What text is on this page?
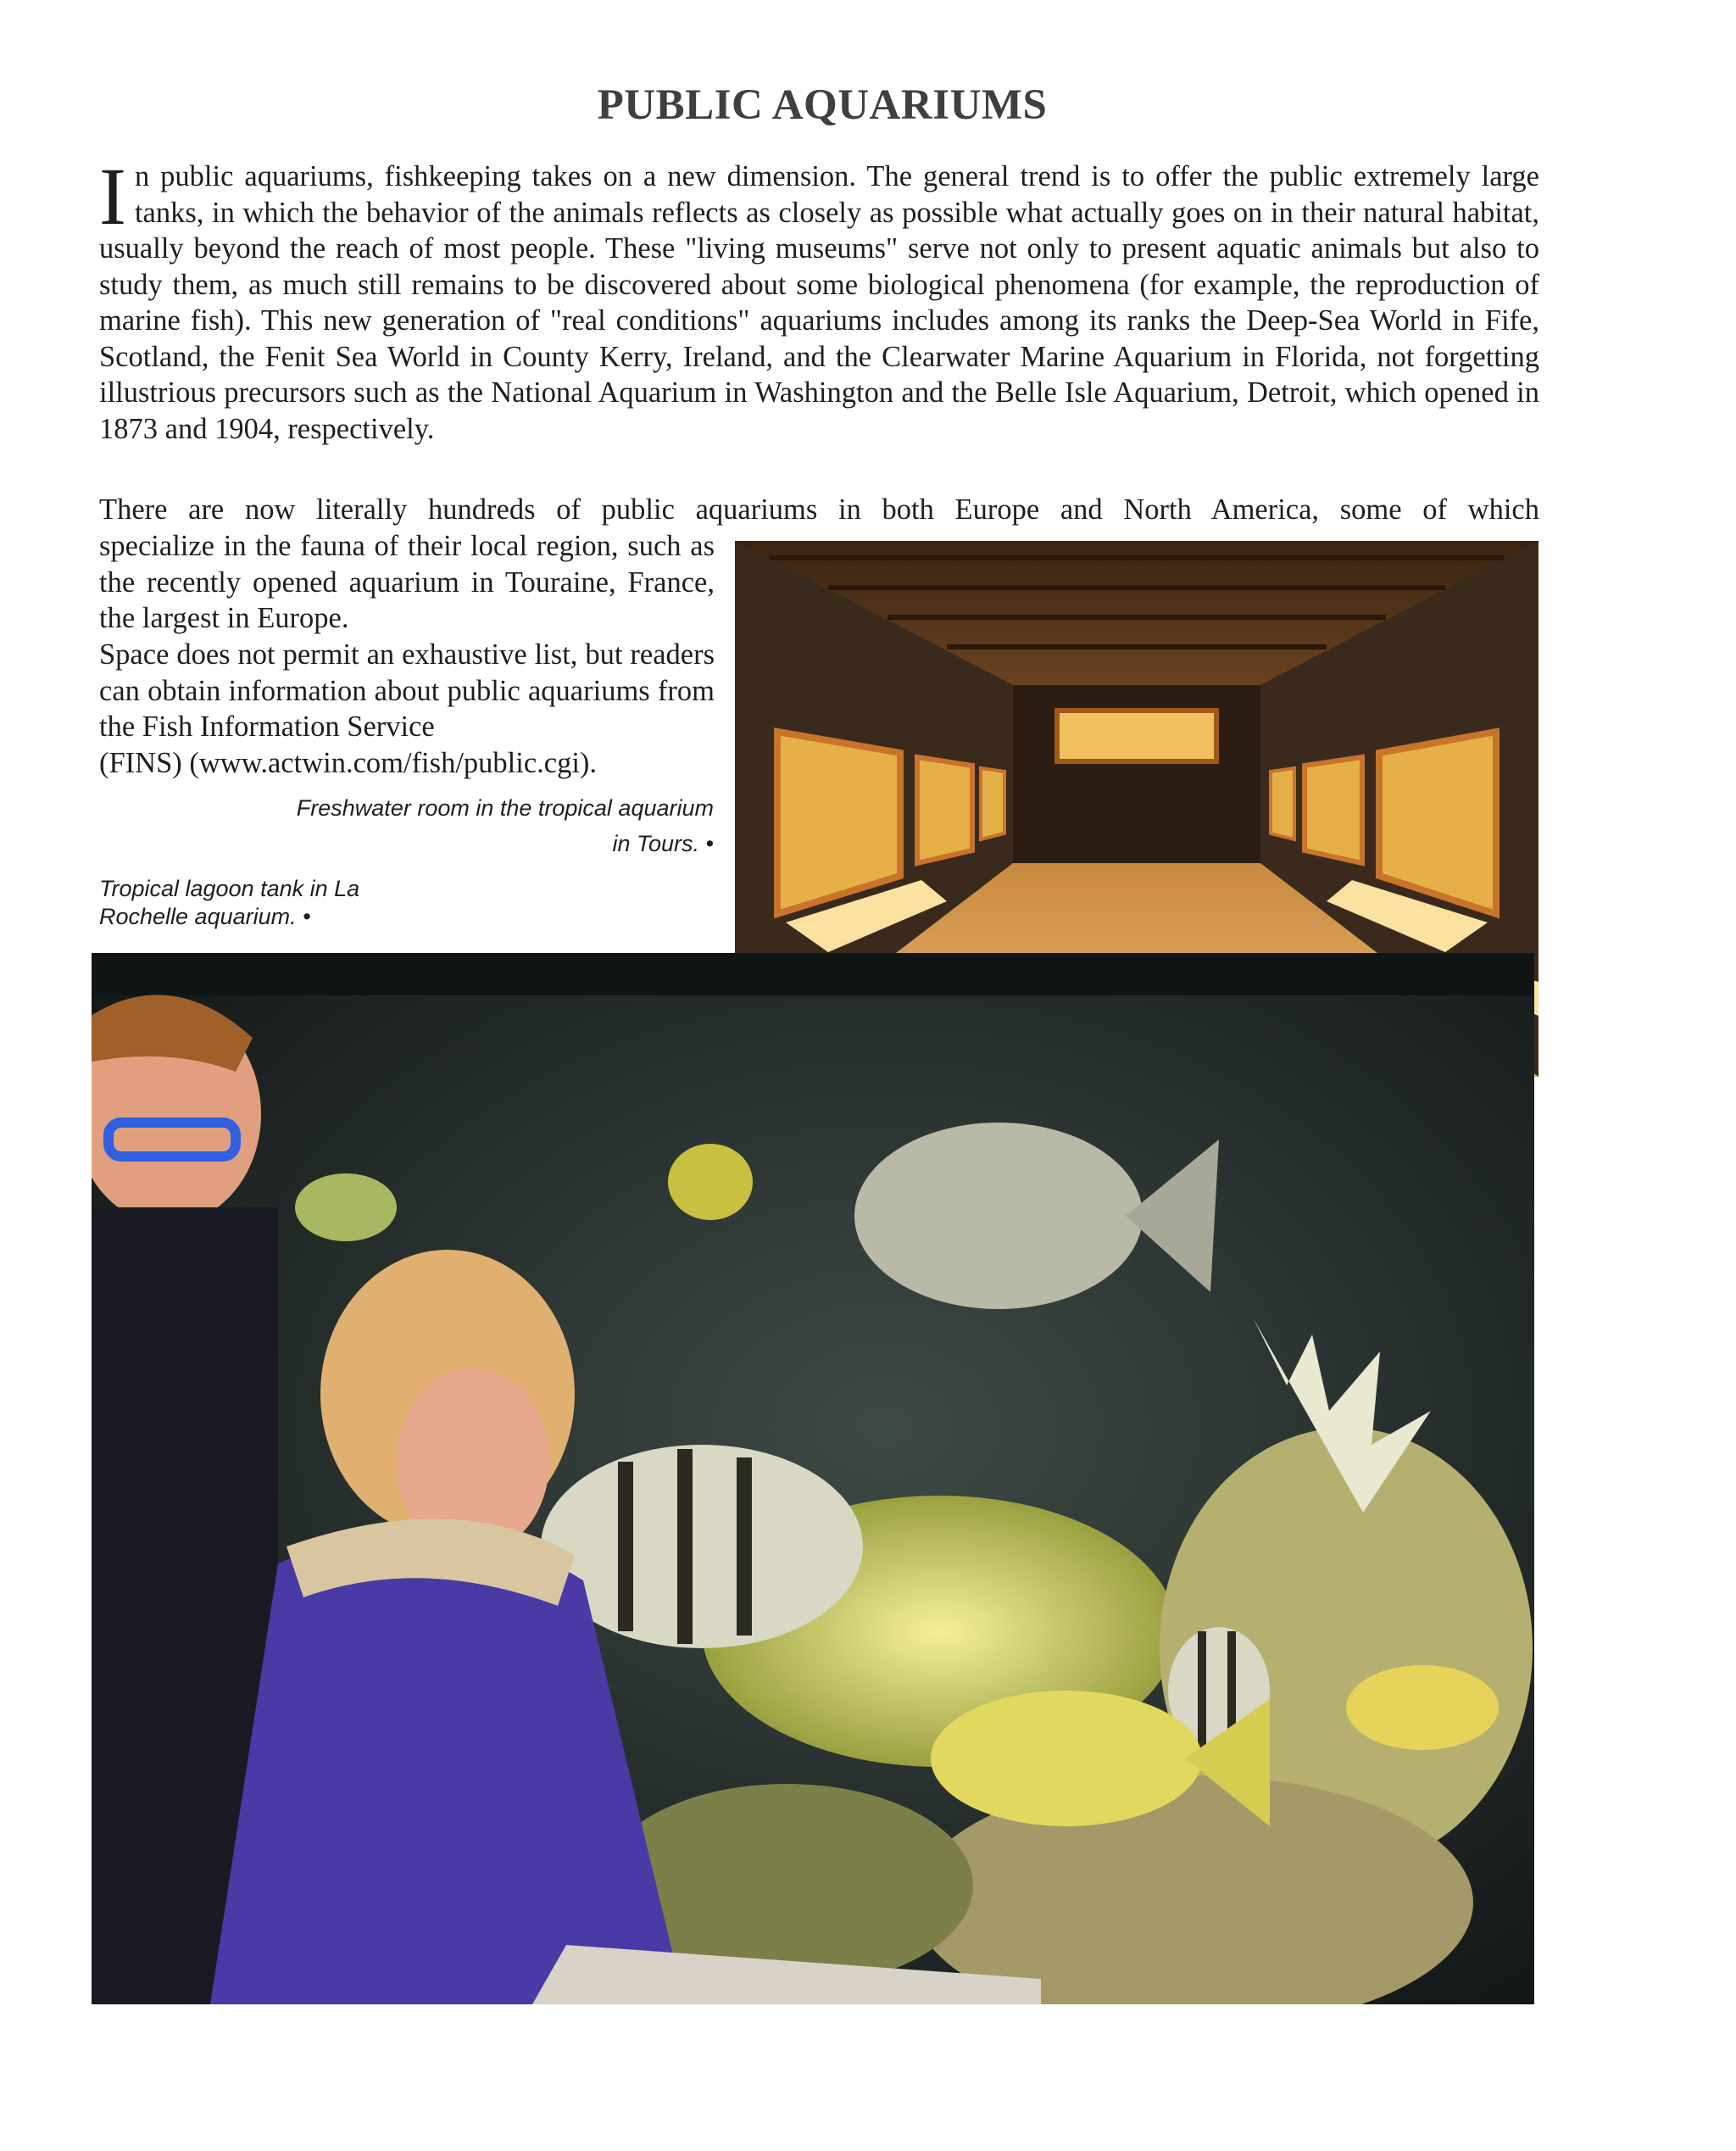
PUBLIC AQUARIUMS
I n public aquariums, fishkeeping takes on a new dimension. The general trend is to offer the public extremely large tanks, in which the behavior of the animals reflects as closely as possible what actually goes on in their natural habitat, usually beyond the reach of most people. These "living museums" serve not only to present aquatic animals but also to study them, as much still remains to be discovered about some biological phenomena (for example, the reproduction of marine fish). This new generation of "real conditions" aquariums includes among its ranks the Deep-Sea World in Fife, Scotland, the Fenit Sea World in County Kerry, Ireland, and the Clearwater Marine Aquarium in Florida, not forgetting illustrious precursors such as the National Aquarium in Washington and the Belle Isle Aquarium, Detroit, which opened in 1873 and 1904, respectively.
There are now literally hundreds of public aquariums in both Europe and North America, some of which
specialize in the fauna of their local region, such as the recently opened aquarium in Touraine, France, the largest in Europe.
Space does not permit an exhaustive list, but readers can obtain information about public aquariums from the Fish Information Service
(FINS) (www.actwin.com/fish/public.cgi).
Freshwater room in the tropical aquarium in Tours. •
Tropical lagoon tank in La Rochelle aquarium. •
